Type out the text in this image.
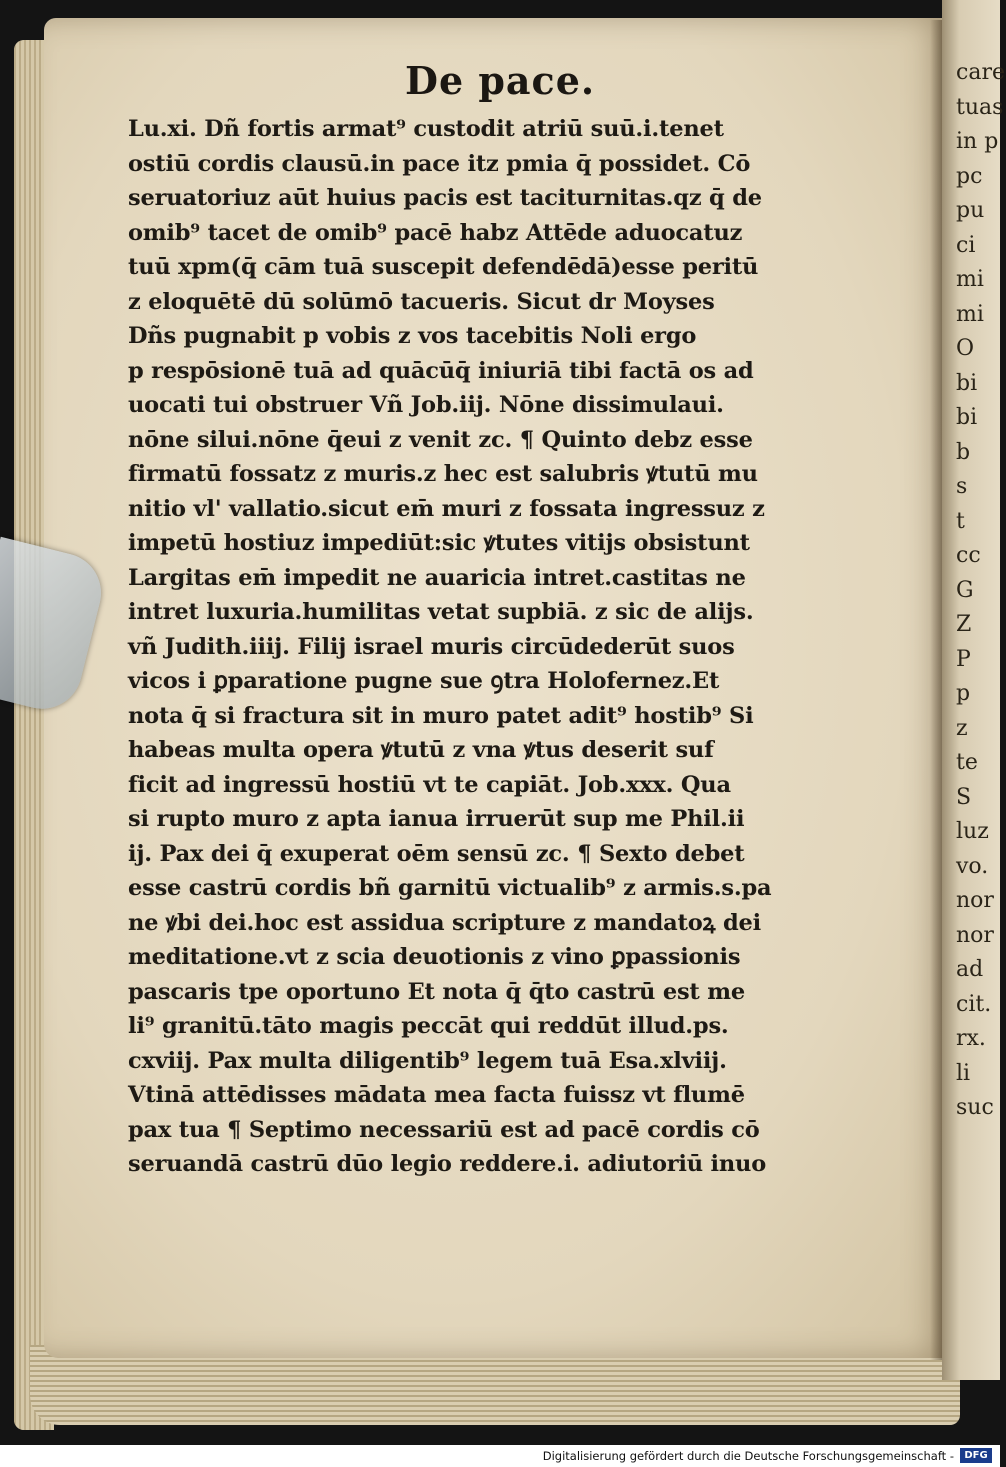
care
tuas
in p
pc
pu
ci
mi
mi
O
bi
bi
b
s
t
cc
G
Z
P
p
z
te
S
luz
vo.
nor
nor
ad
cit.
rx.
li
suc
De pace.
Lu.xi. Dñ fortis armat⁹ custodit atriū suū.i.tenet
ostiū cordis clausū.in pace itz pmia q̄ possidet. Cō
seruatoriuz aūt huius pacis est taciturnitas.qz q̄ de
omib⁹ tacet de omib⁹ pacē habz Attēde aduocatuz
tuū xpm(q̄ cām tuā suscepit defendēdā)esse peritū
z eloquētē dū solūmō tacueris. Sicut dr Moyses
Dñs pugnabit p vobis z vos tacebitis Noli ergo
p respōsionē tuā ad quācūq̄ iniuriā tibi factā os ad
uocati tui obstruer Vñ Job.iij. Nōne dissimulaui.
nōne silui.nōne q̄eui z venit zc. ¶ Quinto debz esse
firmatū fossatz z muris.z hec est salubris ꝟtutū mu
nitio vl' vallatio.sicut em̄ muri z fossata ingressuz z
impetū hostiuz impediūt:sic ꝟtutes vitijs obsistunt
Largitas em̄ impedit ne auaricia intret.castitas ne
intret luxuria.humilitas vetat supbiā. z sic de alijs.
vñ Judith.iiij. Filij israel muris circūdederūt suos
vicos i ꝑparatione pugne sue ꝯtra Holofernez.Et
nota q̄ si fractura sit in muro patet adit⁹ hostib⁹ Si
habeas multa opera ꝟtutū z vna ꝟtus deserit suf
ficit ad ingressū hostiū vt te capiāt. Job.xxx. Qua
si rupto muro z apta ianua irruerūt sup me Phil.ii
ij. Pax dei q̄ exuperat oēm sensū zc. ¶ Sexto debet
esse castrū cordis bñ garnitū victualib⁹ z armis.s.pa
ne ꝟbi dei.hoc est assidua scripture z mandatoꝝ dei
meditatione.vt z scia deuotionis z vino ꝑpassionis
pascaris tpe oportuno Et nota q̄ q̄to castrū est me
li⁹ granitū.tāto magis peccāt qui reddūt illud.ps.
cxviij. Pax multa diligentib⁹ legem tuā Esa.xlviij.
Vtinā attēdisses mādata mea facta fuissz vt flumē
pax tua ¶ Septimo necessariū est ad pacē cordis cō
seruandā castrū dūo legio reddere.i. adiutoriū inuo
Digitalisierung gefördert durch die Deutsche Forschungsgemeinschaft -	DFG
